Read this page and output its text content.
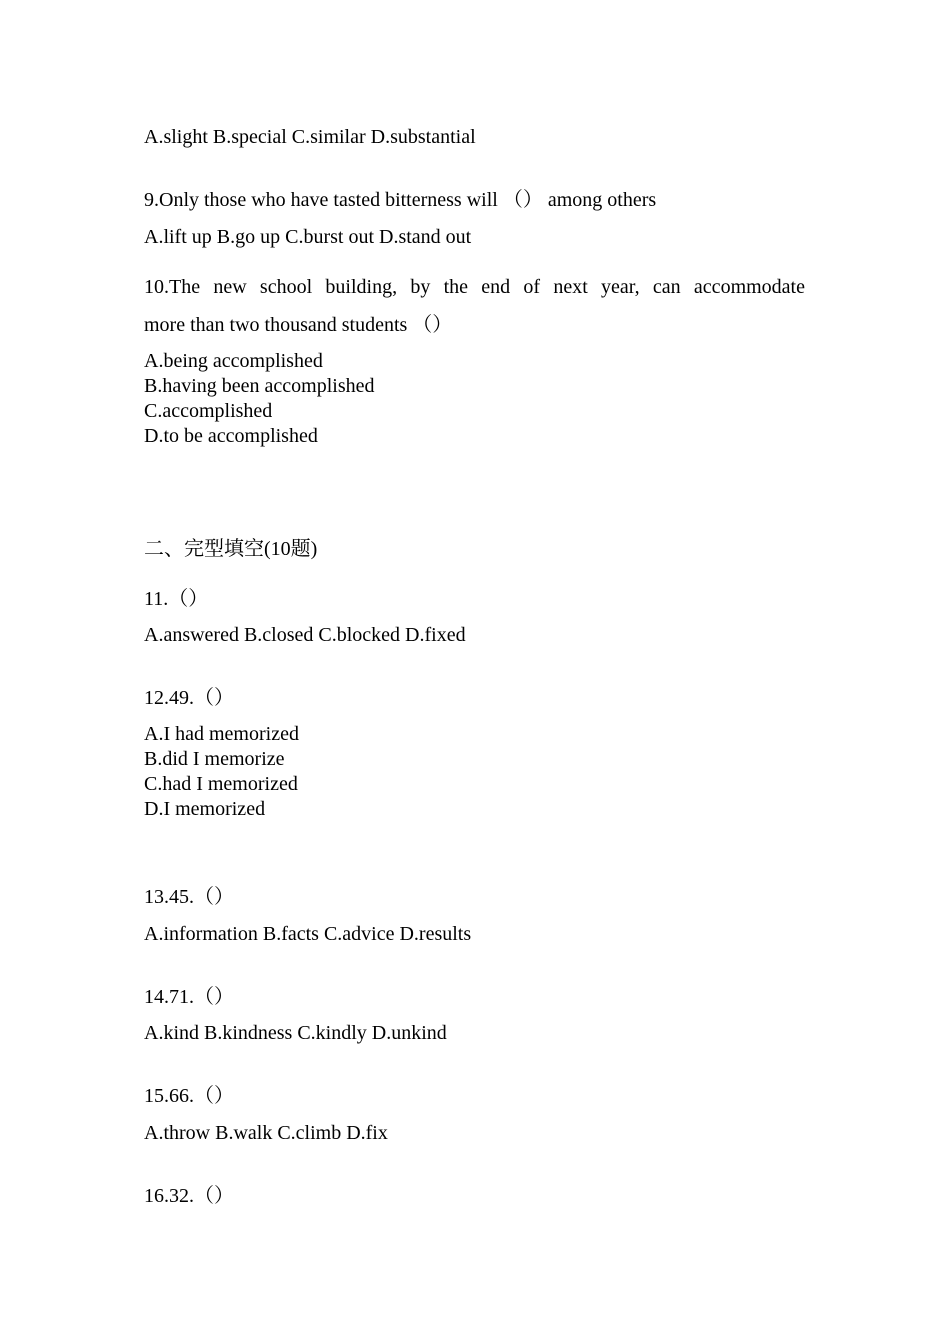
A.slight B.special C.similar D.substantial
9.Only those who have tasted bitterness will （） among others
A.lift up B.go up C.burst out D.stand out
10.The new school building, by the end of next year, can accommodate
more than two thousand students （）
A.being accomplished
B.having been accomplished
C.accomplished
D.to be accomplished
二、完型填空(10题)
11.（）
A.answered B.closed C.blocked D.fixed
12.49.（）
A.I had memorized
B.did I memorize
C.had I memorized
D.I memorized
13.45.（）
A.information B.facts C.advice D.results
14.71.（）
A.kind B.kindness C.kindly D.unkind
15.66.（）
A.throw B.walk C.climb D.fix
16.32.（）
